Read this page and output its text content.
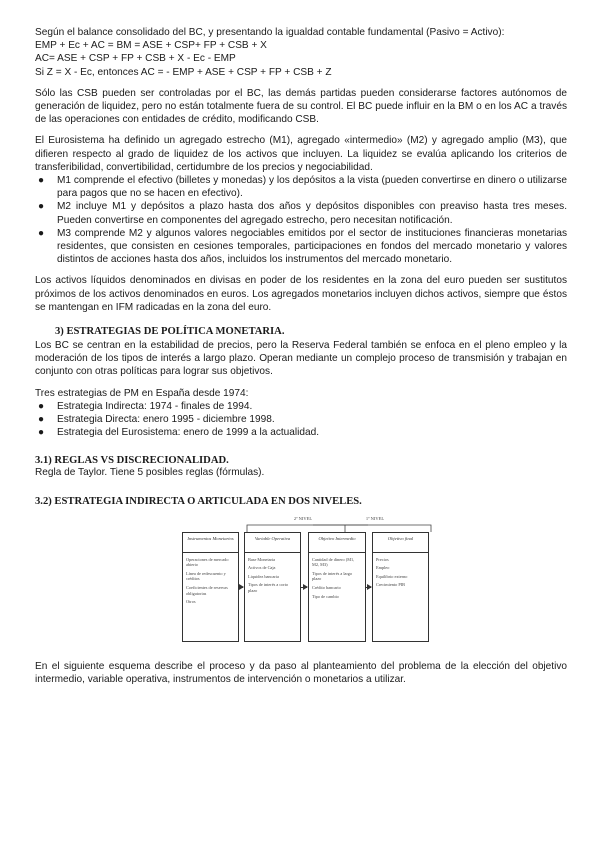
Según el balance consolidado del BC, y presentando la igualdad contable fundamental (Pasivo = Activo):

EMP + Ec + AC = BM = ASE + CSP+ FP + CSB + X

AC= ASE + CSP + FP + CSB + X - Ec - EMP

Si Z = X - Ec, entonces AC = - EMP + ASE + CSP + FP + CSB + Z

Sólo las CSB pueden ser controladas por el BC, las demás partidas pueden considerarse factores autónomos de generación de liquidez, pero no están totalmente fuera de su control. El BC puede influir en la BM o en los AC a través de las operaciones con entidades de crédito, modificando CSB.

El Eurosistema ha definido un agregado estrecho (M1), agregado «intermedio» (M2) y agregado amplio (M3), que difieren respecto al grado de liquidez de los activos que incluyen. La liquidez se evalúa aplicando los criterios de transferibilidad, convertibilidad, certidumbre de los precios y negociabilidad.

● M1 comprende el efectivo (billetes y monedas) y los depósitos a la vista (pueden convertirse en dinero o utilizarse para pagos que no se hacen en efectivo).
● M2 incluye M1 y depósitos a plazo hasta dos años y depósitos disponibles con preaviso hasta tres meses. Pueden convertirse en componentes del agregado estrecho, pero necesitan notificación.
● M3 comprende M2 y algunos valores negociables emitidos por el sector de instituciones financieras monetarias residentes, que consisten en cesiones temporales, participaciones en fondos del mercado monetario y valores distintos de acciones hasta dos años, incluidos los instrumentos del mercado monetario.

Los activos líquidos denominados en divisas en poder de los residentes en la zona del euro pueden ser sustitutos próximos de los activos denominados en euros. Los agregados monetarios incluyen dichos activos, siempre que éstos se mantengan en IFM radicadas en la zona del euro.

3) ESTRATEGIAS DE POLÍTICA MONETARIA.

Los BC se centran en la estabilidad de precios, pero la Reserva Federal también se enfoca en el pleno empleo y la moderación de los tipos de interés a largo plazo. Operan mediante un complejo proceso de transmisión y trabajan en conjunto con otras políticas para lograr sus objetivos.

Tres estrategias de PM en España desde 1974:

● Estrategia Indirecta: 1974 - finales de 1994.
● Estrategia Directa: enero 1995 - diciembre 1998.
● Estrategia del Eurosistema: enero de 1999 a la actualidad.

3.1) REGLAS VS DISCRECIONALIDAD.

Regla de Taylor. Tiene 5 posibles reglas (fórmulas).

3.2) ESTRATEGIA INDIRECTA O ARTICULADA EN DOS NIVELES.

2º NIVEL	1º NIVEL
Instrumentos Monetarios
Operaciones de mercado abierto
Línea de redescuento y créditos
Coeficientes de reservas obligatorias
Otros
Variable Operativa
Base Monetaria
Activos de Caja
Liquidez bancaria
Tipos de interés a corto plazo
Objetivo Intermedio
Cantidad de dinero (M1, M2, M3)
Tipos de interés a largo plazo
Crédito bancario
Tipo de cambio
Objetivo final
Precios
Empleo
Equilibrio externo
Crecimiento PIB

En el siguiente esquema describe el proceso y da paso al planteamiento del problema de la elección del objetivo intermedio, variable operativa, instrumentos de intervención o monetarios a utilizar.
